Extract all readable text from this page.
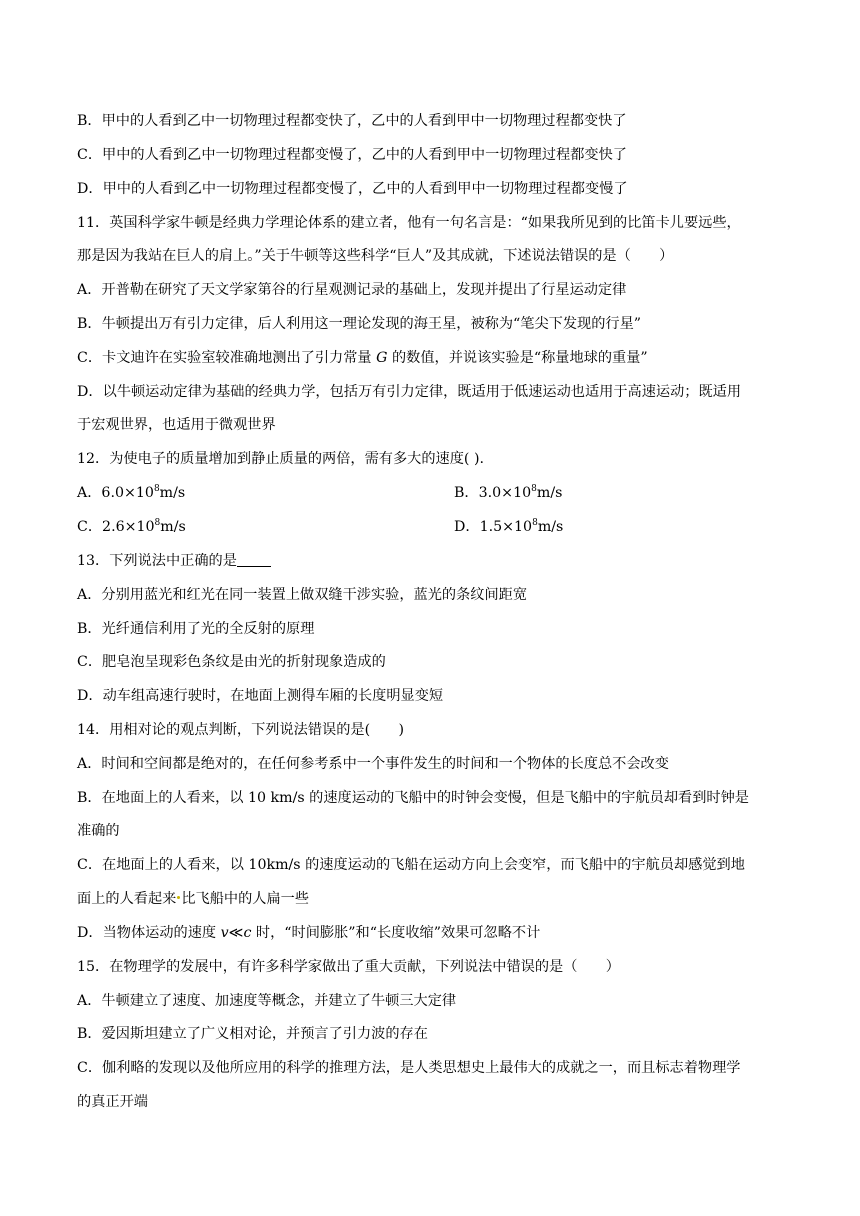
B．甲中的人看到乙中一切物理过程都变快了，乙中的人看到甲中一切物理过程都变快了
C．甲中的人看到乙中一切物理过程都变慢了，乙中的人看到甲中一切物理过程都变快了
D．甲中的人看到乙中一切物理过程都变慢了，乙中的人看到甲中一切物理过程都变慢了
11．英国科学家牛顿是经典力学理论体系的建立者，他有一句名言是：“如果我所见到的比笛卡儿要远些，
那是因为我站在巨人的肩上。”关于牛顿等这些科学“巨人”及其成就，下述说法错误的是（　　）
A．开普勒在研究了天文学家第谷的行星观测记录的基础上，发现并提出了行星运动定律
B．牛顿提出万有引力定律，后人利用这一理论发现的海王星，被称为“笔尖下发现的行星”
C．卡文迪许在实验室较准确地测出了引力常量 G 的数值，并说该实验是“称量地球的重量”
D．以牛顿运动定律为基础的经典力学，包括万有引力定律，既适用于低速运动也适用于高速运动；既适用
于宏观世界，也适用于微观世界
12．为使电子的质量增加到静止质量的两倍，需有多大的速度( ).
A．$6.0\times 10^8m/s$	B．$3.0\times 10^8m/s$
C．$2.6\times 10^8m/s$	D．$1.5\times 10^8m/s$
13．下列说法中正确的是
A．分别用蓝光和红光在同一装置上做双缝干涉实验，蓝光的条纹间距宽
B．光纤通信利用了光的全反射的原理
C．肥皂泡呈现彩色条纹是由光的折射现象造成的
D．动车组高速行驶时，在地面上测得车厢的长度明显变短
14．用相对论的观点判断，下列说法错误的是(　　)
A．时间和空间都是绝对的，在任何参考系中一个事件发生的时间和一个物体的长度总不会改变
B．在地面上的人看来，以 10 km/s 的速度运动的飞船中的时钟会变慢，但是飞船中的宇航员却看到时钟是
准确的
C．在地面上的人看来，以 10km/s 的速度运动的飞船在运动方向上会变窄，而飞船中的宇航员却感觉到地
面上的人看起来 比飞船中的人扁一些
D．当物体运动的速度 v≪c 时，“时间膨胀”和“长度收缩”效果可忽略不计
15．在物理学的发展中，有许多科学家做出了重大贡献，下列说法中错误的是（　　）
A．牛顿建立了速度、加速度等概念，并建立了牛顿三大定律
B．爱因斯坦建立了广义相对论，并预言了引力波的存在
C．伽利略的发现以及他所应用的科学的推理方法，是人类思想史上最伟大的成就之一，而且标志着物理学
的真正开端
